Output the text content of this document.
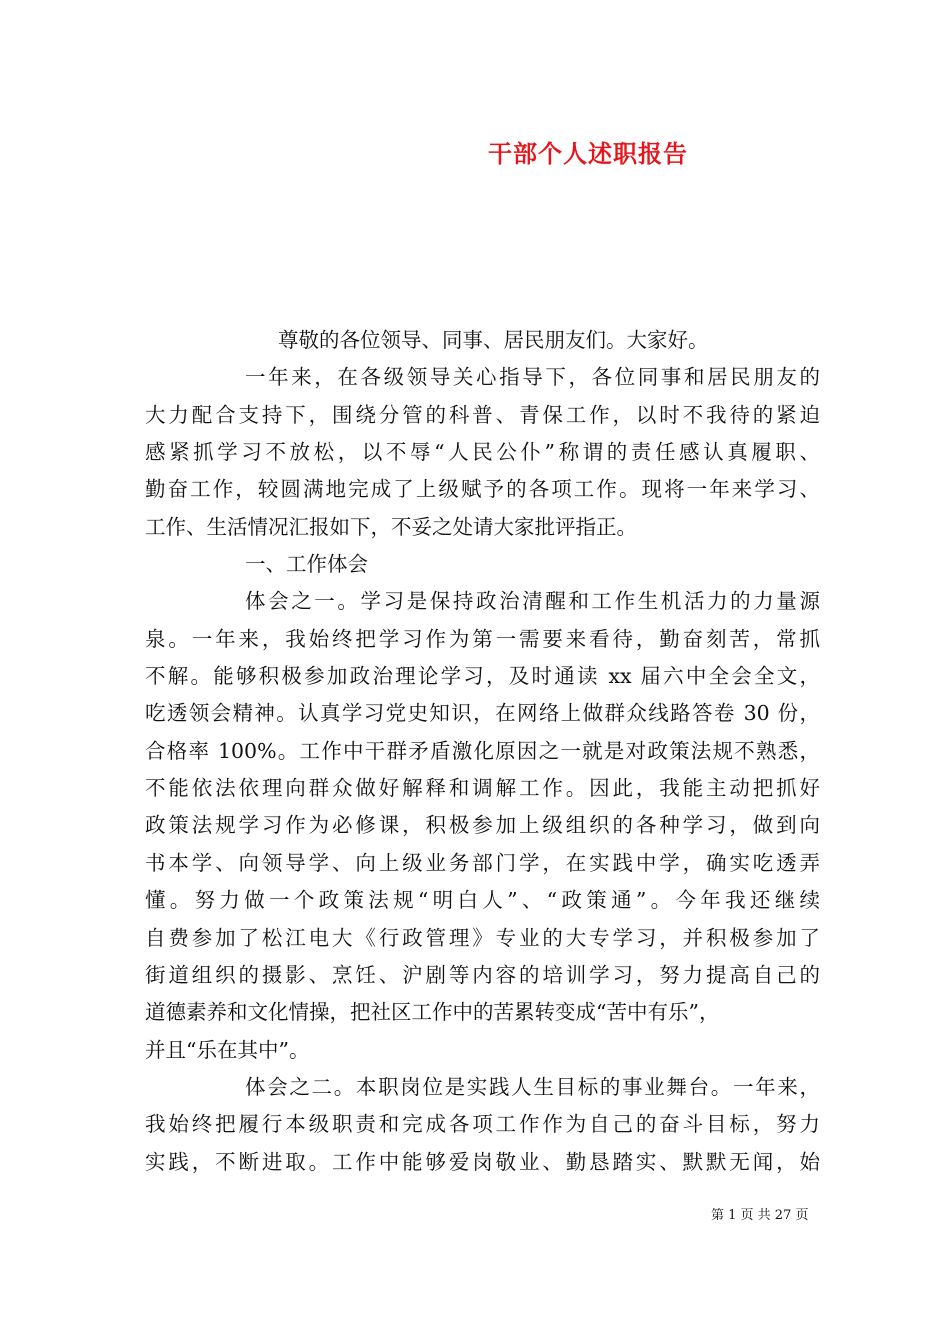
干部个人述职报告
尊敬的各位领导、同事、居民朋友们。大家好。
一年来，在各级领导关心指导下，各位同事和居民朋友的
大力配合支持下，围绕分管的科普、青保工作，以时不我待的紧迫
感紧抓学习不放松，以不辱“人民公仆”称谓的责任感认真履职、
勤奋工作，较圆满地完成了上级赋予的各项工作。现将一年来学习、
工作、生活情况汇报如下，不妥之处请大家批评指正。
一、工作体会
体会之一。学习是保持政治清醒和工作生机活力的力量源
泉。一年来，我始终把学习作为第一需要来看待，勤奋刻苦，常抓
不解。能够积极参加政治理论学习，及时通读 xx 届六中全会全文，
吃透领会精神。认真学习党史知识，在网络上做群众线路答卷 30 份，
合格率 100%。工作中干群矛盾激化原因之一就是对政策法规不熟悉，
不能依法依理向群众做好解释和调解工作。因此，我能主动把抓好
政策法规学习作为必修课，积极参加上级组织的各种学习，做到向
书本学、向领导学、向上级业务部门学，在实践中学，确实吃透弄
懂。努力做一个政策法规“明白人”、“政策通”。今年我还继续
自费参加了松江电大《行政管理》专业的大专学习，并积极参加了
街道组织的摄影、烹饪、沪剧等内容的培训学习，努力提高自己的
道德素养和文化情操，把社区工作中的苦累转变成“苦中有乐”，
并且“乐在其中”。
体会之二。本职岗位是实践人生目标的事业舞台。一年来，
我始终把履行本级职责和完成各项工作作为自己的奋斗目标，努力
实践，不断进取。工作中能够爱岗敬业、勤恳踏实、默默无闻，始
第 1 页 共 27 页
